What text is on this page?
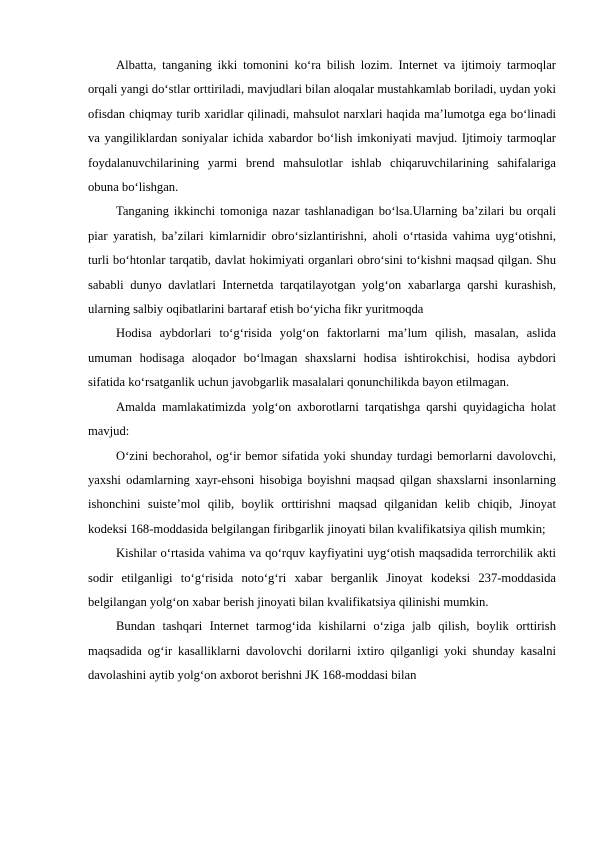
Albatta, tanganing ikki tomonini ko‘ra bilish lozim. Internet va ijtimoiy tarmoqlar orqali yangi do‘stlar orttiriladi, mavjudlari bilan aloqalar mustahkamlab boriladi, uydan yoki ofisdan chiqmay turib xaridlar qilinadi, mahsulot narxlari haqida maʼlumotga ega bo‘linadi va yangiliklardan soniyalar ichida xabardor bo‘lish imkoniyati mavjud. Ijtimoiy tarmoqlar foydalanuvchilarining yarmi brend mahsulotlar ishlab chiqaruvchilarining sahifalariga obuna bo‘lishgan.

Tanganing ikkinchi tomoniga nazar tashlanadigan bo‘lsa.Ularning baʼzilari bu orqali piar yaratish, baʼzilari kimlarnidir obro‘sizlantirishni, aholi o‘rtasida vahima uyg‘otishni, turli bo‘htonlar tarqatib, davlat hokimiyati organlari obro‘sini to‘kishni maqsad qilgan. Shu sababli dunyo davlatlari Internetda tarqatilayotgan yolg‘on xabarlarga qarshi kurashish, ularning salbiy oqibatlarini bartaraf etish bo‘yicha fikr yuritmoqda

Hodisa aybdorlari to‘g‘risida yolg‘on faktorlarni maʼlum qilish, masalan, aslida umuman hodisaga aloqador bo‘lmagan shaxslarni hodisa ishtirokchisi, hodisa aybdori sifatida ko‘rsatganlik uchun javobgarlik masalalari qonunchilikda bayon etilmagan.

Amalda mamlakatimizda yolg‘on axborotlarni tarqatishga qarshi quyidagicha holat mavjud:

O‘zini bechorahol, og‘ir bemor sifatida yoki shunday turdagi bemorlarni davolovchi, yaxshi odamlarning xayr-ehsoni hisobiga boyishni maqsad qilgan shaxslarni insonlarning ishonchini suisteʼmol qilib, boylik orttirishni maqsad qilganidan kelib chiqib, Jinoyat kodeksi 168-moddasida belgilangan firibgarlik jinoyati bilan kvalifikatsiya qilish mumkin;

Kishilar o‘rtasida vahima va qo‘rquv kayfiyatini uyg‘otish maqsadida terrorchilik akti sodir etilganligi to‘g‘risida noto‘g‘ri xabar berganlik Jinoyat kodeksi 237-moddasida belgilangan yolg‘on xabar berish jinoyati bilan kvalifikatsiya qilinishi mumkin.

Bundan tashqari Internet tarmog‘ida kishilarni o‘ziga jalb qilish, boylik orttirish maqsadida og‘ir kasalliklarni davolovchi dorilarni ixtiro qilganligi yoki shunday kasalni davolashini aytib yolg‘on axborot berishni JK 168-moddasi bilan
